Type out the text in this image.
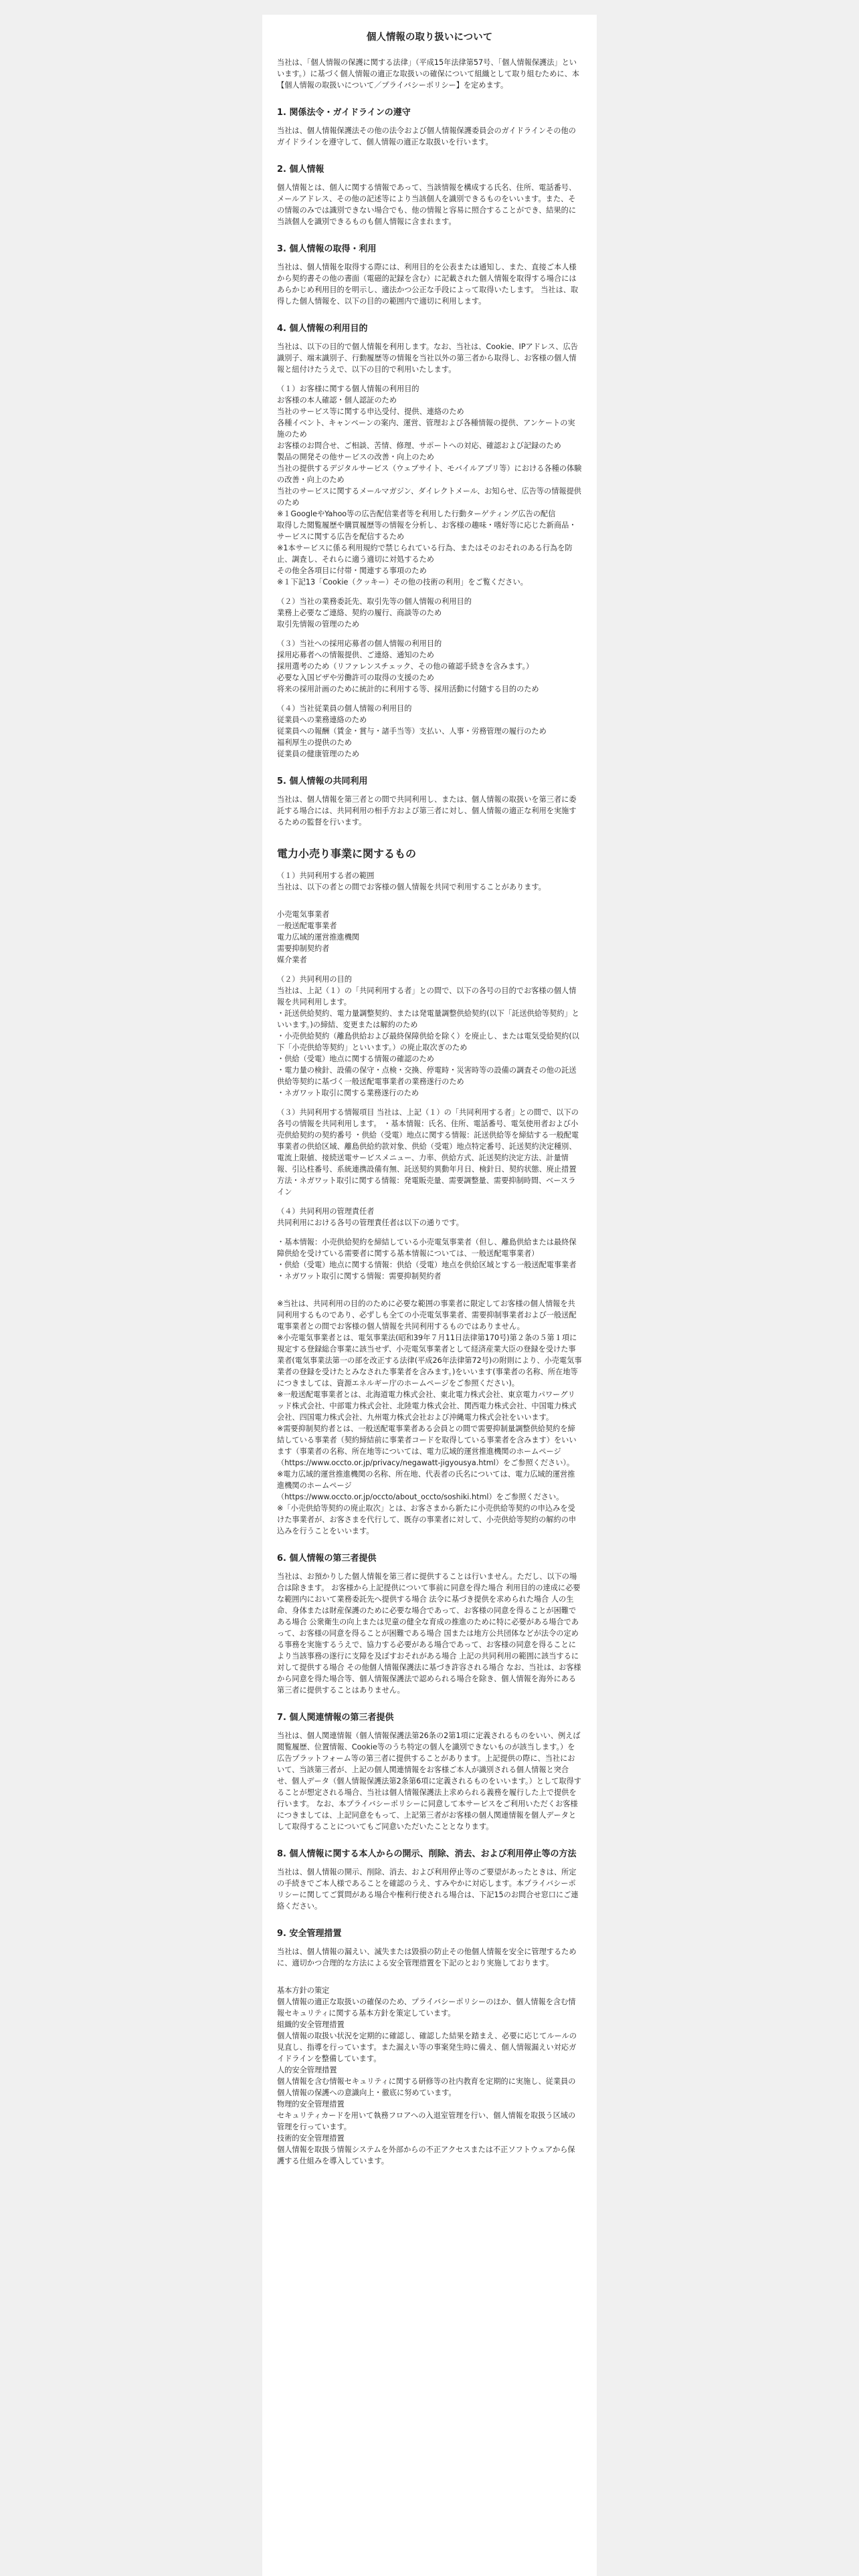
個人情報の取り扱いについて

当社は、「個人情報の保護に関する法律」（平成15年法律第57号、「個人情報保護法」といいます。）に基づく個人情報の適正な取扱いの確保について組織として取り組むために、本【個人情報の取扱いについて／プライバシーポリシー】を定めます。

1. 関係法令・ガイドラインの遵守

当社は、個人情報保護法その他の法令および個人情報保護委員会のガイドラインその他のガイドラインを遵守して、個人情報の適正な取扱いを行います。

2. 個人情報

個人情報とは、個人に関する情報であって、当該情報を構成する氏名、住所、電話番号、メールアドレス、その他の記述等により当該個人を識別できるものをいいます。また、その情報のみでは識別できない場合でも、他の情報と容易に照合することができ、結果的に当該個人を識別できるものも個人情報に含まれます。

3. 個人情報の取得・利用

当社は、個人情報を取得する際には、利用目的を公表または通知し、また、直接ご本人様から契約書その他の書面（電磁的記録を含む）に記載された個人情報を取得する場合にはあらかじめ利用目的を明示し、適法かつ公正な手段によって取得いたします。 当社は、取得した個人情報を、以下の目的の範囲内で適切に利用します。

4. 個人情報の利用目的

当社は、以下の目的で個人情報を利用します。なお、当社は、Cookie、IPアドレス、広告識別子、端末識別子、行動履歴等の情報を当社以外の第三者から取得し、お客様の個人情報と紐付けたうえで、以下の目的で利用いたします。

（１）お客様に関する個人情報の利用目的
お客様の本人確認・個人認証のため
当社のサービス等に関する申込受付、提供、連絡のため
各種イベント、キャンペーンの案内、運営、管理および各種情報の提供、アンケートの実施のため
お客様のお問合せ、ご相談、苦情、修理、サポートへの対応、確認および記録のため
製品の開発その他サービスの改善・向上のため
当社の提供するデジタルサービス（ウェブサイト、モバイルアプリ等）における各種の体験の改善・向上のため
当社のサービスに関するメールマガジン、ダイレクトメール、お知らせ、広告等の情報提供のため
※１GoogleやYahoo等の広告配信業者等を利用した行動ターゲティング広告の配信
取得した閲覧履歴や購買履歴等の情報を分析し、お客様の趣味・嗜好等に応じた新商品・サービスに関する広告を配信するため
※1本サービスに係る利用規約で禁じられている行為、またはそのおそれのある行為を防止、調査し、それらに適う適切に対処するため
その他全各項目に付帯・関連する事項のため
※１下記13「Cookie（クッキー）その他の技術の利用」をご覧ください。

（２）当社の業務委託先、取引先等の個人情報の利用目的
業務上必要なご連絡、契約の履行、商談等のため
取引先情報の管理のため

（３）当社への採用応募者の個人情報の利用目的
採用応募者への情報提供、ご連絡、通知のため
採用選考のため（リファレンスチェック、その他の確認手続きを含みます。）
必要な入国ビザや労働許可の取得の支援のため
将来の採用計画のために統計的に利用する等、採用活動に付随する目的のため

（４）当社従業員の個人情報の利用目的
従業員への業務連絡のため
従業員への報酬（賃金・賞与・諸手当等）支払い、人事・労務管理の履行のため
福利厚生の提供のため
従業員の健康管理のため

5. 個人情報の共同利用

当社は、個人情報を第三者との間で共同利用し、または、個人情報の取扱いを第三者に委託する場合には、共同利用の相手方および第三者に対し、個人情報の適正な利用を実施するための監督を行います。

電力小売り事業に関するもの

（１）共同利用する者の範囲
当社は、以下の者との間でお客様の個人情報を共同で利用することがあります。

小売電気事業者
一般送配電事業者
電力広域的運営推進機関
需要抑制契約者
媒介業者

（２）共同利用の目的
当社は、上記（１）の「共同利用する者」との間で、以下の各号の目的でお客様の個人情報を共同利用します。
・託送供給契約、電力量調整契約、または発電量調整供給契約(以下「託送供給等契約」といいます。)の締結、変更または解約のため
・小売供給契約（離島供給および最終保障供給を除く）を廃止し、または電気受給契約(以下「小売供給等契約」といいます。）の廃止取次ぎのため
・供給（受電）地点に関する情報の確認のため
・電力量の検針、設備の保守・点検・交換、停電時・災害時等の設備の調査その他の託送供給等契約に基づく一般送配電事業者の業務遂行のため
・ネガワット取引に関する業務遂行のため

（３）共同利用する情報項目 当社は、上記（１）の「共同利用する者」との間で、以下の各号の情報を共同利用します。 ・基本情報：氏名、住所、電話番号、電気使用者および小売供給契約の契約番号 ・供給（受電）地点に関する情報：託送供給等を締結する一般配電事業者の供給区域、離島供給約款対象、供給（受電）地点特定番号、託送契約決定種別、電流上限値、接続送電サービスメニュー、力率、供給方式、託送契約決定方法、計量情報、引込柱番号、系統連携設備有無、託送契約異動年月日、検針日、契約状態、廃止措置方法・ネガワット取引に関する情報：発電販売量、需要調整量、需要抑制時間、ベースライン

（４）共同利用の管理責任者
共同利用における各号の管理責任者は以下の通りです。

・基本情報：小売供給契約を締結している小売電気事業者（但し、離島供給または最終保障供給を受けている需要者に関する基本情報については、一般送配電事業者）
・供給（受電）地点に関する情報：供給（受電）地点を供給区域とする一般送配電事業者
・ネガワット取引に関する情報：需要抑制契約者

※当社は、共同利用の目的のために必要な範囲の事業者に限定してお客様の個人情報を共同利用するものであり、必ずしも全ての小売電気事業者、需要抑制事業者および一般送配電事業者との間でお客様の個人情報を共同利用するものではありません。
※小売電気事業者とは、電気事業法(昭和39年７月11日法律第170号)第２条の５第１項に規定する登録総合事業に該当せず、小売電気事業者として経済産業大臣の登録を受けた事業者(電気事業法第一の部を改正する法律(平成26年法律第72号)の附則により、小売電気事業者の登録を受けたとみなされた事業者を含みます。)をいいます(事業者の名称、所在地等につきましては、資源エネルギー庁のホームページをご参照ください)。
※一般送配電事業者とは、北海道電力株式会社、東北電力株式会社、東京電力パワーグリッド株式会社、中部電力株式会社、北陸電力株式会社、関西電力株式会社、中国電力株式会社、四国電力株式会社、九州電力株式会社および沖縄電力株式会社をいいます。
※需要抑制契約者とは、一般送配電事業者ある会員との間で需要抑制量調整供給契約を締結している事業者（契約締結前に事業者コードを取得している事業者を含みます）をいいます（事業者の名称、所在地等については、電力広域的運営推進機関のホームページ（https://www.occto.or.jp/privacy/negawatt-jigyousya.html）をご参照ください）。
※電力広域的運営推進機関の名称、所在地、代表者の氏名については、電力広域的運営推進機関のホームページ
（https://www.occto.or.jp/occto/about_occto/soshiki.html）をご参照ください。
※「小売供給等契約の廃止取次」とは、お客さまから新たに小売供給等契約の申込みを受けた事業者が、お客さまを代行して、既存の事業者に対して、小売供給等契約の解約の申込みを行うことをいいます。

6. 個人情報の第三者提供

当社は、お預かりした個人情報を第三者に提供することは行いません。ただし、以下の場合は除きます。 お客様から上記提供について事前に同意を得た場合 利用目的の達成に必要な範囲内において業務委託先へ提供する場合 法令に基づき提供を求められた場合 人の生命、身体または財産保護のために必要な場合であって、お客様の同意を得ることが困難である場合 公衆衛生の向上または児童の健全な育成の推進のために特に必要がある場合であって、お客様の同意を得ることが困難である場合 国または地方公共団体などが法令の定める事務を実施するうえで、協力する必要がある場合であって、お客様の同意を得ることにより当該事務の遂行に支障を及ぼすおそれがある場合 上記の共同利用の範囲に該当するに対して提供する場合 その他個人情報保護法に基づき許容される場合 なお、当社は、お客様から同意を得た場合等、個人情報保護法で認められる場合を除き、個人情報を海外にある第三者に提供することはありません。

7. 個人関連情報の第三者提供

当社は、個人関連情報（個人情報保護法第26条の2第1項に定義されるものをいい、例えば閲覧履歴、位置情報、Cookie等のうち特定の個人を識別できないものが該当します。）を広告プラットフォーム等の第三者に提供することがあります。上記提供の際に、当社において、当該第三者が、上記の個人関連情報をお客様ご本人が識別される個人情報と突合せ、個人データ（個人情報保護法第2条第6項に定義されるものをいいます。）として取得することが想定される場合、当社は個人情報保護法上求められる義務を履行した上で提供を行います。 なお、本プライバシーポリシーに同意して本サービスをご利用いただくお客様につきましては、上記同意をもって、上記第三者がお客様の個人関連情報を個人データとして取得することについてもご同意いただいたこととなります。

8. 個人情報に関する本人からの開示、削除、消去、および利用停止等の方法

当社は、個人情報の開示、削除、消去、および利用停止等のご要望があったときは、所定の手続きでご本人様であることを確認のうえ、すみやかに対応します。本プライバシーポリシーに関してご質問がある場合や権利行使される場合は、下記15のお問合せ窓口にご連絡ください。

9. 安全管理措置

当社は、個人情報の漏えい、滅失または毀損の防止その他個人情報を安全に管理するために、適切かつ合理的な方法による安全管理措置を下記のとおり実施しております。

基本方針の策定
個人情報の適正な取扱いの確保のため、プライバシーポリシーのほか、個人情報を含む情報セキュリティに関する基本方針を策定しています。
組織的安全管理措置
個人情報の取扱い状況を定期的に確認し、確認した結果を踏まえ、必要に応じてルールの見直し、指導を行っています。また漏えい等の事案発生時に備え、個人情報漏えい対応ガイドラインを整備しています。
人的安全管理措置
個人情報を含む情報セキュリティに関する研修等の社内教育を定期的に実施し、従業員の個人情報の保護への意識向上・徹底に努めています。
物理的安全管理措置
セキュリティカードを用いて執務フロアへの入退室管理を行い、個人情報を取扱う区域の管理を行っています。
技術的安全管理措置
個人情報を取扱う情報システムを外部からの不正アクセスまたは不正ソフトウェアから保護する仕組みを導入しています。
